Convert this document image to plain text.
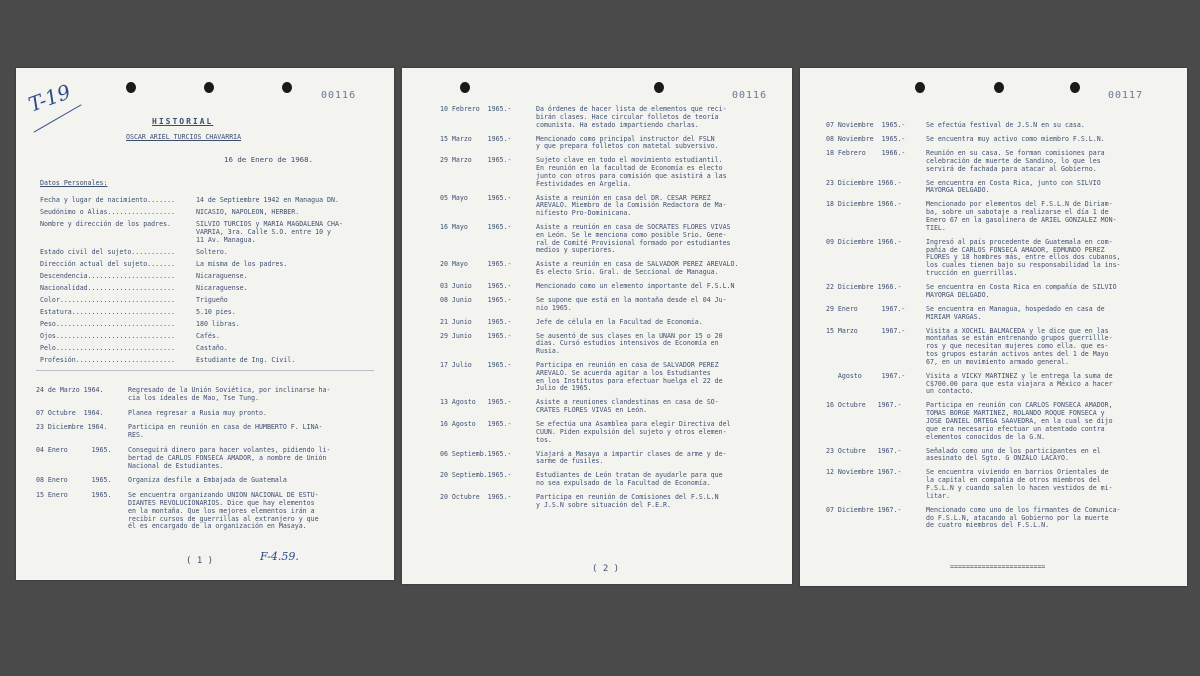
00116
T-19
HISTORIAL
OSCAR ARIEL TURCIOS CHAVARRIA
16 de Enero de 1968.
Datos Personales:
Fecha y lugar de nacimiento.......	14 de Septiembre 1942 en Managua DN.
Seudónimo o Alias.................	NICASIO, NAPOLEON, HERBER.
Nombre y dirección de los padres.	SILVIO TURCIOS y MARIA MAGDALENA CHA-
VARRIA, 3ra. Calle S.O. entre 10 y
11 Av. Managua.
Estado civil del sujeto...........	Soltero.
Dirección actual del sujeto.......	La misma de los padres.
Descendencia......................	Nicaraguense.
Nacionalidad......................	Nicaraguense.
Color.............................	Trigueño
Estatura..........................	5.10 pies.
Peso..............................	180 libras.
Ojos..............................	Cafés.
Pelo..............................	Castaño.
Profesión.........................	Estudiante de Ing. Civil.
24 de Marzo 1964.	Regresado de la Unión Soviética, por inclinarse ha-
cia los ideales de Mao, Tse Tung.
07 Octubre  1964.	Planea regresar a Rusia muy pronto.
23 Diciembre 1964.	Participa en reunión en casa de HUMBERTO F. LINA-
RES.
04 Enero      1965.	Conseguirá dinero para hacer volantes, pidiendo li-
bertad de CARLOS FONSECA AMADOR, a nombre de Unión
Nacional de Estudiantes.
08 Enero      1965.	Organiza desfile a Embajada de Guatemala
15 Enero      1965.	Se encuentra organizando UNION NACIONAL DE ESTU-
DIANTES REVOLUCIONARIOS. Dice que hay elementos
en la montaña. Que los mejores elementos irán a
recibir cursos de guerrillas al extranjero y que
él es encargado de la organización en Masaya.
( 1 )	F-4.59.
00116
10 Febrero  1965.-	Da órdenes de hacer lista de elementos que reci-
birán clases. Hace circular folletos de teoría
comunista. Ha estado impartiendo charlas.
15 Marzo    1965.-	Mencionado como principal instructor del FSLN
y que prepara folletos con matetal subversivo.
29 Marzo    1965.-	Sujeto clave en todo el movimiento estudiantil.
En reunión en la facultad de Economía es electo
junto con otros para comisión que asistirá a las
Festividades en Argelia.
05 Mayo     1965.-	Asiste a reunión en casa del DR. CESAR PEREZ
AREVALO. Miembro de la Comisión Redactora de Ma-
nifiesto Pro-Dominicana.
16 Mayo     1965.-	Asiste a reunión en casa de SOCRATES FLORES VIVAS
en León. Se le menciona como posible Srio. Gene-
ral de Comité Provisional formado por estudiantes
medios y superiores.
20 Mayo     1965.-	Asiste a reunión en casa de SALVADOR PEREZ AREVALO.
Es electo Srio. Gral. de Seccional de Managua.
03 Junio    1965.-	Mencionado como un elemento importante del F.S.L.N
08 Junio    1965.-	Se supone que está en la montaña desde el 04 Ju-
nio 1965.
21 Junio    1965.-	Jefe de célula en la Facultad de Economía.
29 Junio    1965.-	Se ausentó de sus clases en la UNAN por 15 o 20
días. Cursó estudios intensivos de Economía en
Rusia.
17 Julio    1965.-	Participa en reunión en casa de SALVADOR PEREZ
AREVALO. Se acuerda agitar a los Estudiantes
en los Institutos para efectuar huelga el 22 de
Julio de 1965.
13 Agosto   1965.-	Asiste a reuniones clandestinas en casa de SO-
CRATES FLORES VIVAS en León.
16 Agosto   1965.-	Se efectúa una Asamblea para elegir Directiva del
CUUN. Piden expulsión del sujeto y otros elemen-
tos.
06 Septiemb.1965.-	Viajará a Masaya a impartir clases de arme y de-
sarme de fusiles.
20 Septiemb.1965.-	Estudiantes de León tratan de ayudarle para que
no sea expulsado de la Facultad de Economía.
20 Octubre  1965.-	Participa en reunión de Comisiones del F.S.L.N
y J.S.N sobre situación del F.E.R.
( 2 )
00117
07 Noviembre  1965.-	Se efectúa festival de J.S.N en su casa.
08 Noviembre  1965.-	Se encuentra muy activo como miembro F.S.L.N.
18 Febrero    1966.-	Reunión en su casa. Se forman comisiones para
celebración de muerte de Sandino, lo que les
servirá de fachada para atacar al Gobierno.
23 Diciembre 1966.-	Se encuentra en Costa Rica, junto con SILVIO
MAYORGA DELGADO.
18 Diciembre 1966.-	Mencionado por elementos del F.S.L.N de Diriam-
ba, sobre un sabotaje a realizarse el día 1 de
Enero 67 en la gasolinera de ARIEL GONZALEZ MON-
TIEL.
09 Diciembre 1966.-	Ingresó al país procedente de Guatemala en com-
pañía de CARLOS FONSECA AMADOR, EDMUNDO PEREZ
FLORES y 18 hombres más, entre ellos dos cubanos,
los cuales tienen bajo su responsabilidad la ins-
trucción en guerrillas.
22 Diciembre 1966.-	Se encuentra en Costa Rica en compañía de SILVIO
MAYORGA DELGADO.
29 Enero      1967.-	Se encuentra en Managua, hospedado en casa de
MIRIAM VARGAS.
15 Marzo      1967.-	Visita a XOCHIL BALMACEDA y le dice que en las
montañas se están entrenando grupos guerrillle-
ros y que necesitan mujeres como ella. que es-
tos grupos estarán activos antes del 1 de Mayo
67, en un movimiento armado general.
Agosto     1967.-	Visita a VICKY MARTINEZ y le entrega la suma de
C$700.00 para que esta viajara a México a hacer
un contacto.
16 Octubre   1967.-	Participa en reunión con CARLOS FONSECA AMADOR,
TOMAS BORGE MARTINEZ, ROLANDO ROQUE FONSECA y
JOSE DANIEL ORTEGA SAAVEDRA, en la cual se dijo
que era necesario efectuar un atentado contra
elementos conocidos de la G.N.
23 Octubre   1967.-	Señalado como uno de los participantes en el
asesinato del Sgto. G ONZALO LACAYO.
12 Noviembre 1967.-	Se encuentra viviendo en barrios Orientales de
la capital en compañía de otros miembros del
F.S.L.N y cuando salen lo hacen vestidos de mi-
litar.
07 Diciembre 1967.-	Mencionado como uno de los firmantes de Comunica-
do F.S.L.N, atacando al Gobierno por la muerte
de cuatro miembros del F.S.L.N.
========================
